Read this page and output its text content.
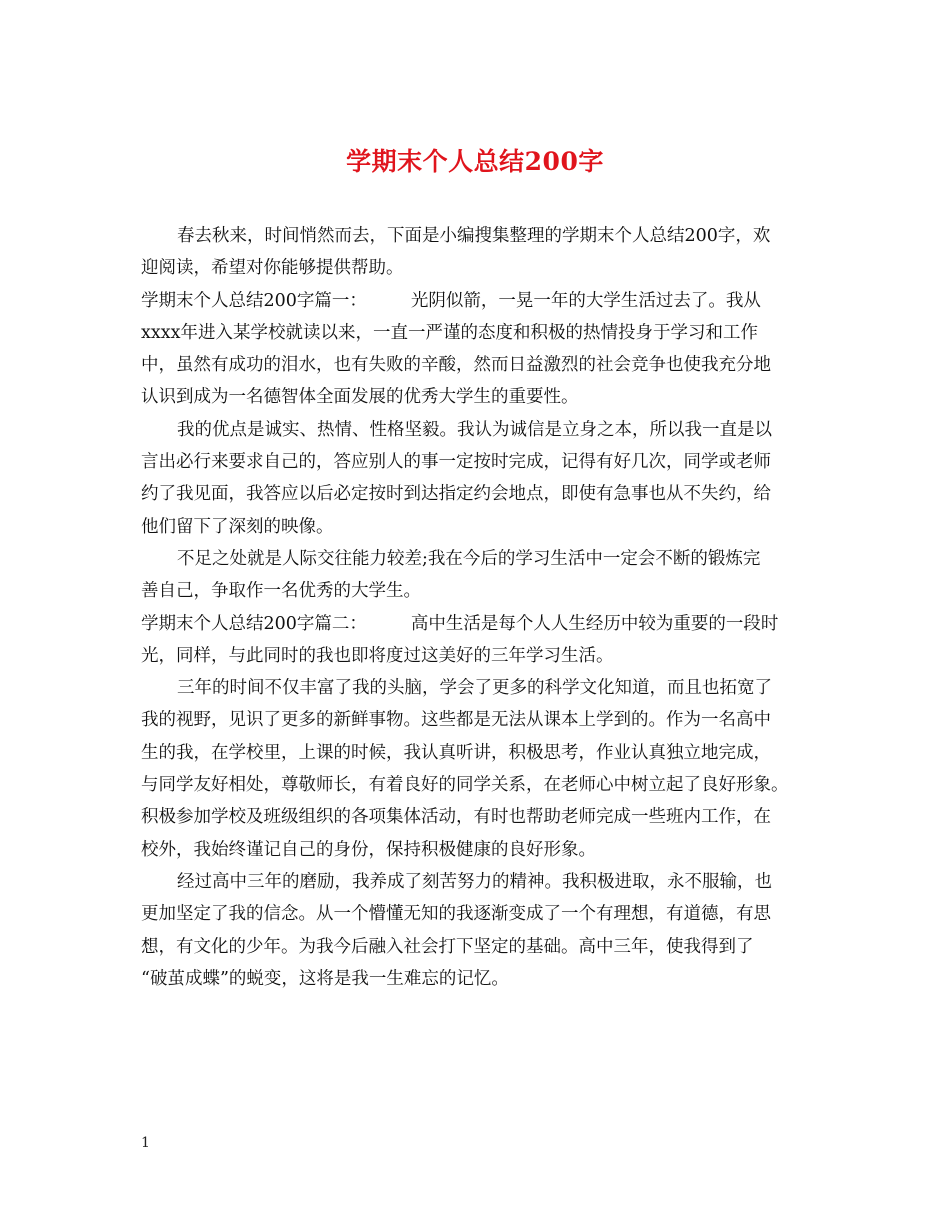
学期末个人总结200字
春去秋来，时间悄然而去，下面是小编搜集整理的学期末个人总结200字，欢
迎阅读，希望对你能够提供帮助。
学期末个人总结200字篇一：	光阴似箭，一晃一年的大学生活过去了。我从
xxxx年进入某学校就读以来，一直一严谨的态度和积极的热情投身于学习和工作
中，虽然有成功的泪水，也有失败的辛酸，然而日益激烈的社会竞争也使我充分地
认识到成为一名德智体全面发展的优秀大学生的重要性。
我的优点是诚实、热情、性格坚毅。我认为诚信是立身之本，所以我一直是以
言出必行来要求自己的，答应别人的事一定按时完成，记得有好几次，同学或老师
约了我见面，我答应以后必定按时到达指定约会地点，即使有急事也从不失约，给
他们留下了深刻的映像。
不足之处就是人际交往能力较差;我在今后的学习生活中一定会不断的锻炼完
善自己，争取作一名优秀的大学生。
学期末个人总结200字篇二：	高中生活是每个人人生经历中较为重要的一段时
光，同样，与此同时的我也即将度过这美好的三年学习生活。
三年的时间不仅丰富了我的头脑，学会了更多的科学文化知道，而且也拓宽了
我的视野，见识了更多的新鲜事物。这些都是无法从课本上学到的。作为一名高中
生的我，在学校里，上课的时候，我认真听讲，积极思考，作业认真独立地完成，
与同学友好相处，尊敬师长，有着良好的同学关系，在老师心中树立起了良好形象。
积极参加学校及班级组织的各项集体活动，有时也帮助老师完成一些班内工作，在
校外，我始终谨记自己的身份，保持积极健康的良好形象。
经过高中三年的磨励，我养成了刻苦努力的精神。我积极进取，永不服输，也
更加坚定了我的信念。从一个懵懂无知的我逐渐变成了一个有理想，有道德，有思
想，有文化的少年。为我今后融入社会打下坚定的基础。高中三年，使我得到了
“破茧成蝶”的蜕变，这将是我一生难忘的记忆。
1
